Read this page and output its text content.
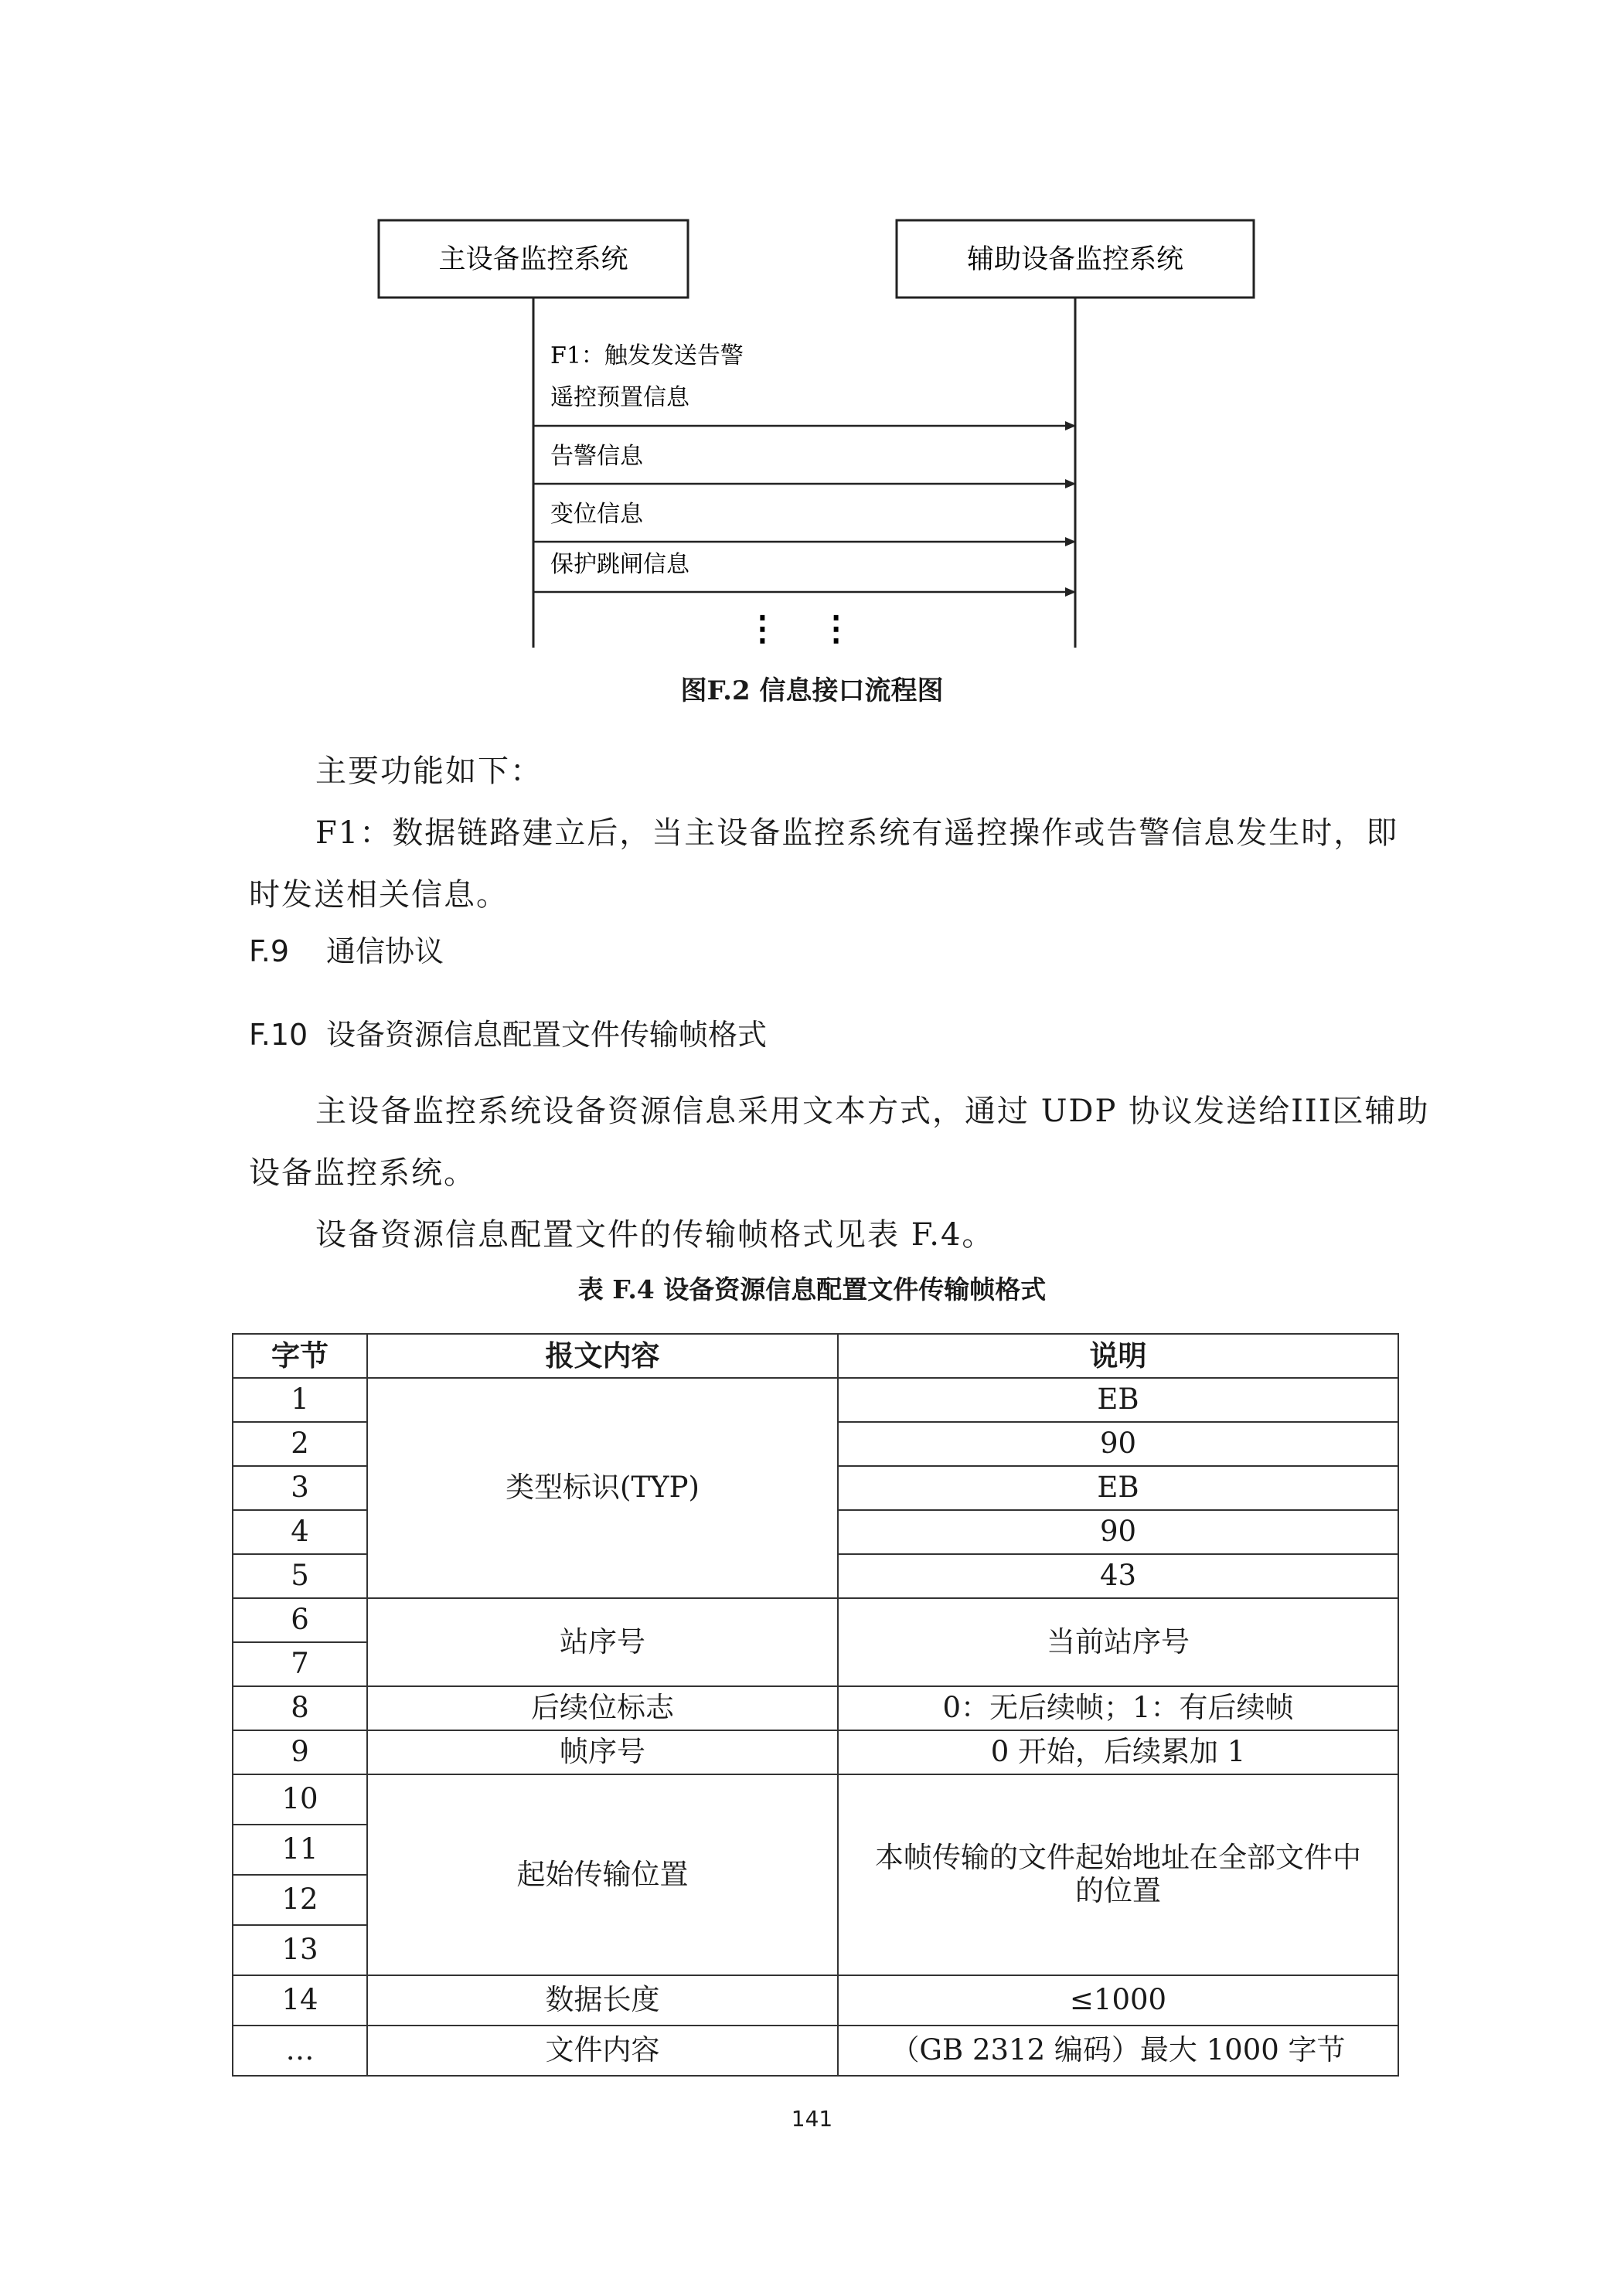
主设备监控系统	辅助设备监控系统
F1：触发发送告警
遥控预置信息
告警信息
变位信息
保护跳闸信息
⋮ ⋮
图F.2 信息接口流程图
主要功能如下：
F1：数据链路建立后，当主设备监控系统有遥控操作或告警信息发生时，即
时发送相关信息。
F.9 通信协议
F.10 设备资源信息配置文件传输帧格式
主设备监控系统设备资源信息采用文本方式，通过 UDP 协议发送给III区辅助
设备监控系统。
设备资源信息配置文件的传输帧格式见表 F.4。
表 F.4 设备资源信息配置文件传输帧格式
字节	报文内容	说明
1	类型标识(TYP)	EB
2		90
3		EB
4		90
5		43
6	站序号	当前站序号
7		
8	后续位标志	0：无后续帧；1：有后续帧
9	帧序号	0 开始，后续累加 1
10	起始传输位置	本帧传输的文件起始地址在全部文件中的位置

11		
12		
13		
14	数据长度	≤1000
…	文件内容	（GB 2312 编码）最大 1000 字节
141
